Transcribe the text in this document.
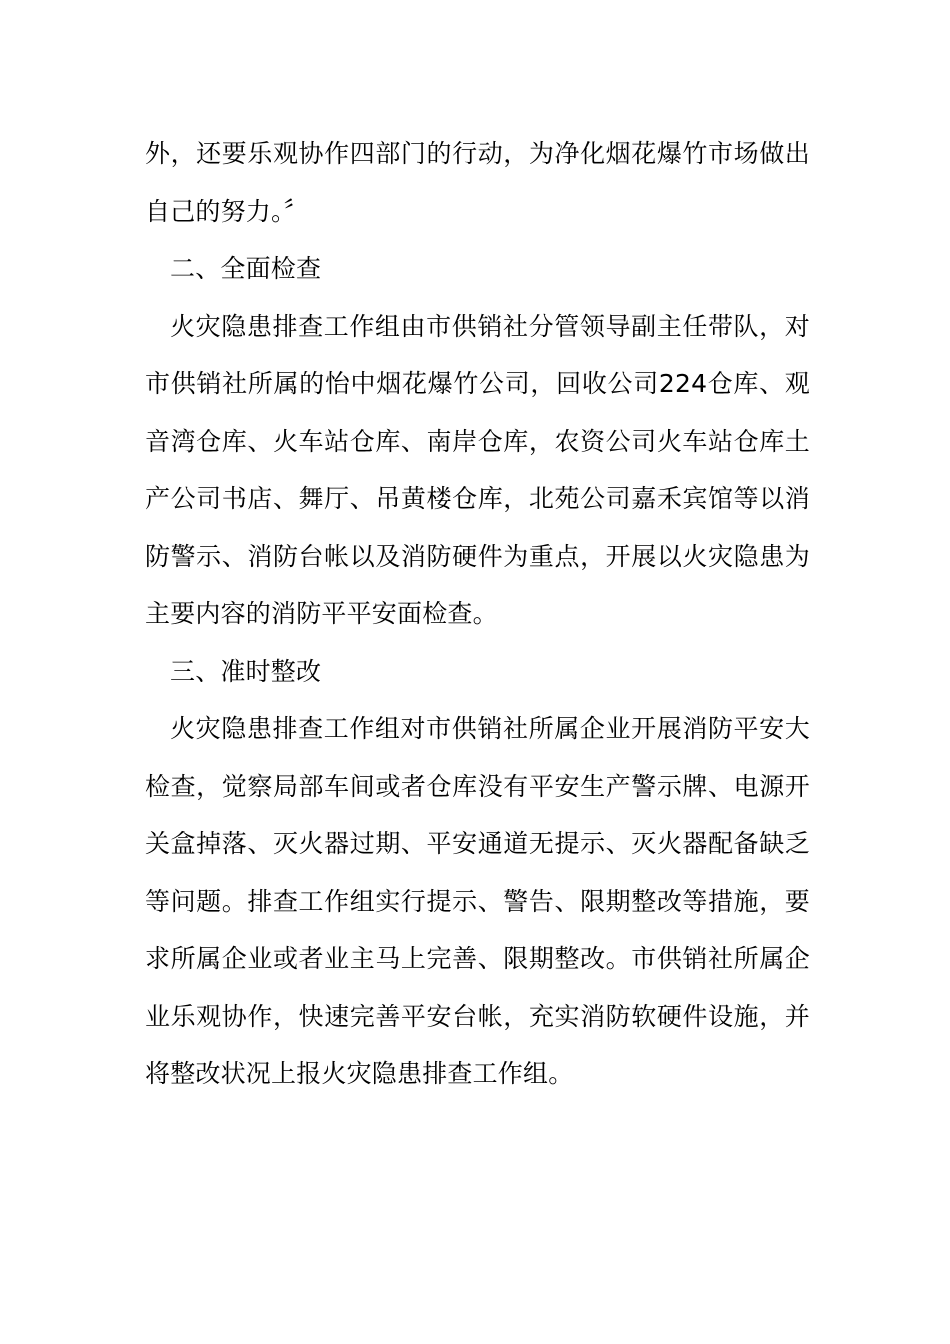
外，还要乐观协作四部门的行动，为净化烟花爆竹市场做出自己的努力。〞

二、全面检查

火灾隐患排查工作组由市供销社分管领导副主任带队，对市供销社所属的怡中烟花爆竹公司，回收公司224仓库、观音湾仓库、火车站仓库、南岸仓库，农资公司火车站仓库土产公司书店、舞厅、吊黄楼仓库，北苑公司嘉禾宾馆等以消防警示、消防台帐以及消防硬件为重点，开展以火灾隐患为主要内容的消防平平安面检查。

三、准时整改

火灾隐患排查工作组对市供销社所属企业开展消防平安大检查，觉察局部车间或者仓库没有平安生产警示牌、电源开关盒掉落、灭火器过期、平安通道无提示、灭火器配备缺乏等问题。排查工作组实行提示、警告、限期整改等措施，要求所属企业或者业主马上完善、限期整改。市供销社所属企业乐观协作，快速完善平安台帐，充实消防软硬件设施，并将整改状况上报火灾隐患排查工作组。
